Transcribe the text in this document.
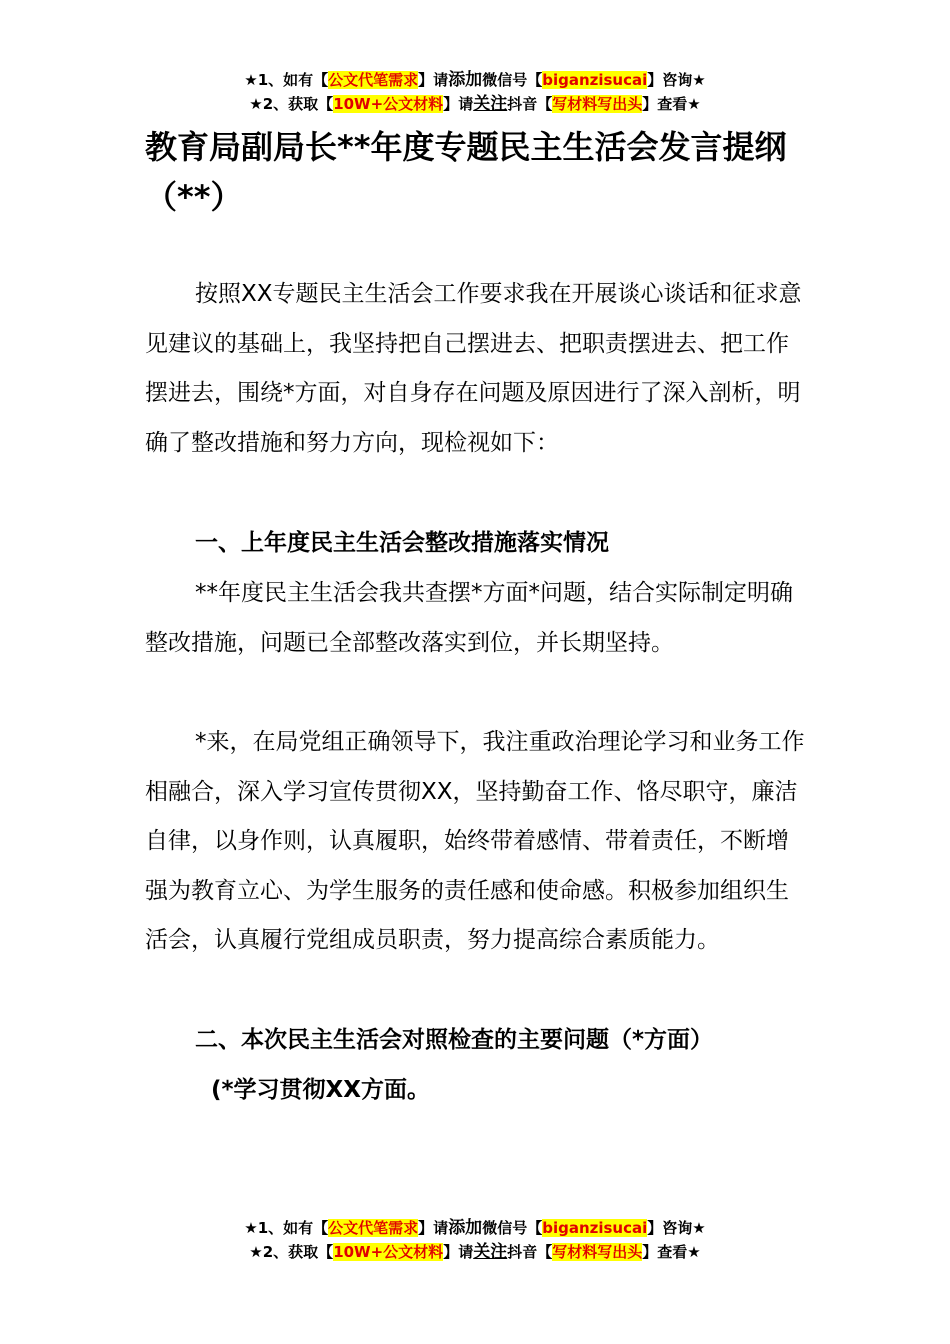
★1、如有【公文代笔需求】请添加微信号【biganzisucai】咨询★
★2、获取【10W+公文材料】请关注抖音【写材料写出头】查看★
教育局副局长**年度专题民主生活会发言提纲（**）

按照XX专题民主生活会工作要求我在开展谈心谈话和征求意见建议的基础上，我坚持把自己摆进去、把职责摆进去、把工作摆进去，围绕*方面，对自身存在问题及原因进行了深入剖析，明确了整改措施和努力方向，现检视如下：

一、上年度民主生活会整改措施落实情况

**年度民主生活会我共查摆*方面*问题，结合实际制定明确整改措施，问题已全部整改落实到位，并长期坚持。

*来，在局党组正确领导下，我注重政治理论学习和业务工作相融合，深入学习宣传贯彻XX，坚持勤奋工作、恪尽职守，廉洁自律，以身作则，认真履职，始终带着感情、带着责任，不断增强为教育立心、为学生服务的责任感和使命感。积极参加组织生活会，认真履行党组成员职责，努力提高综合素质能力。

二、本次民主生活会对照检查的主要问题（*方面）

(*学习贯彻XX方面。

★1、如有【公文代笔需求】请添加微信号【biganzisucai】咨询★
★2、获取【10W+公文材料】请关注抖音【写材料写出头】查看★
